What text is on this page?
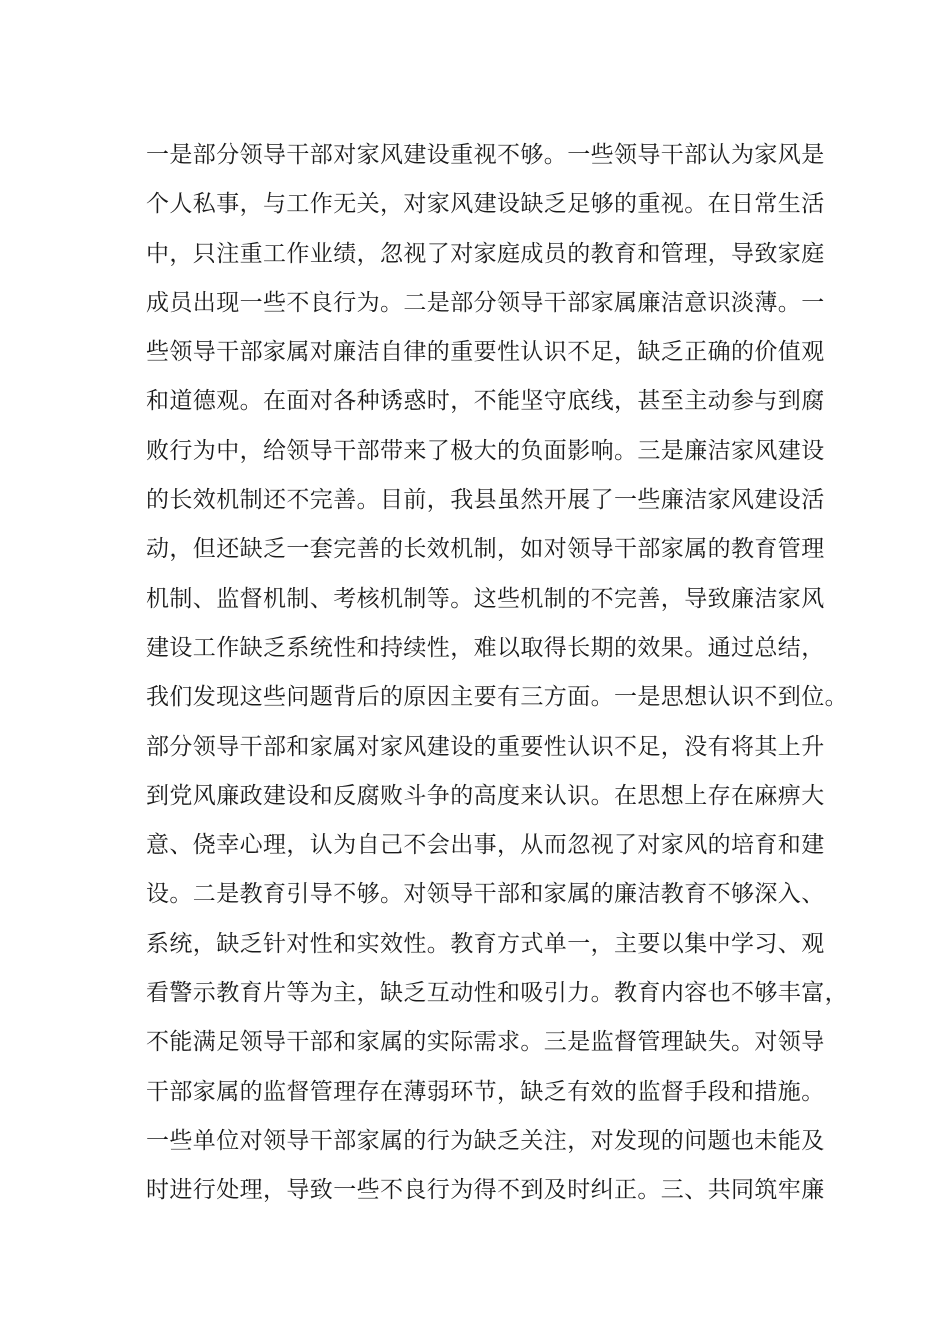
一是部分领导干部对家风建设重视不够。一些领导干部认为家风是
个人私事，与工作无关，对家风建设缺乏足够的重视。在日常生活
中，只注重工作业绩，忽视了对家庭成员的教育和管理，导致家庭
成员出现一些不良行为。二是部分领导干部家属廉洁意识淡薄。一
些领导干部家属对廉洁自律的重要性认识不足，缺乏正确的价值观
和道德观。在面对各种诱惑时，不能坚守底线，甚至主动参与到腐
败行为中，给领导干部带来了极大的负面影响。三是廉洁家风建设
的长效机制还不完善。目前，我县虽然开展了一些廉洁家风建设活
动，但还缺乏一套完善的长效机制，如对领导干部家属的教育管理
机制、监督机制、考核机制等。这些机制的不完善，导致廉洁家风
建设工作缺乏系统性和持续性，难以取得长期的效果。通过总结，
我们发现这些问题背后的原因主要有三方面。一是思想认识不到位。
部分领导干部和家属对家风建设的重要性认识不足，没有将其上升
到党风廉政建设和反腐败斗争的高度来认识。在思想上存在麻痹大
意、侥幸心理，认为自己不会出事，从而忽视了对家风的培育和建
设。二是教育引导不够。对领导干部和家属的廉洁教育不够深入、
系统，缺乏针对性和实效性。教育方式单一，主要以集中学习、观
看警示教育片等为主，缺乏互动性和吸引力。教育内容也不够丰富，
不能满足领导干部和家属的实际需求。三是监督管理缺失。对领导
干部家属的监督管理存在薄弱环节，缺乏有效的监督手段和措施。
一些单位对领导干部家属的行为缺乏关注，对发现的问题也未能及
时进行处理，导致一些不良行为得不到及时纠正。三、共同筑牢廉
